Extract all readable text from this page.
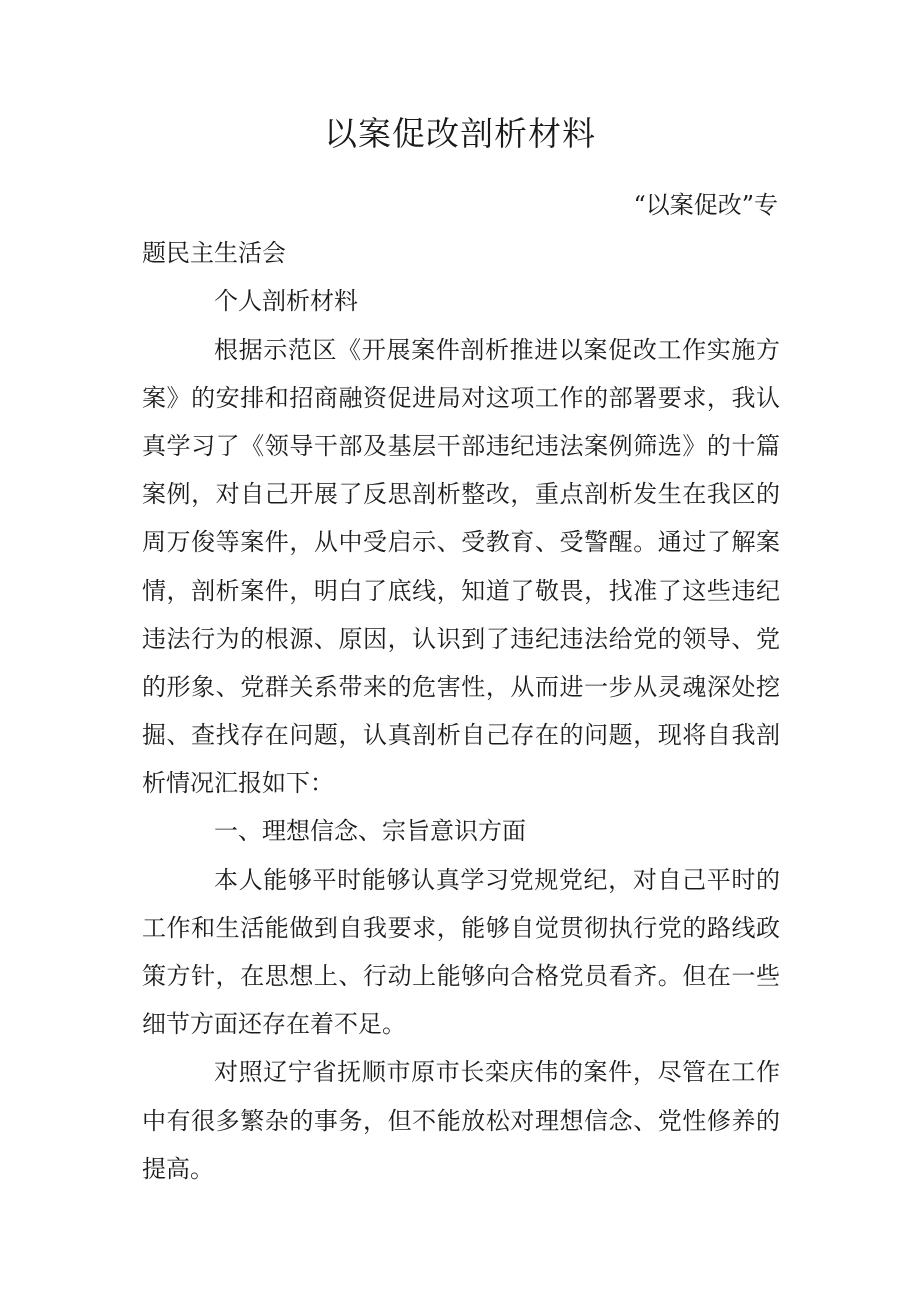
以案促改剖析材料
“以案促改”专
题民主生活会
个人剖析材料
根据示范区《开展案件剖析推进以案促改工作实施方
案》的安排和招商融资促进局对这项工作的部署要求，我认
真学习了《领导干部及基层干部违纪违法案例筛选》的十篇
案例，对自己开展了反思剖析整改，重点剖析发生在我区的
周万俊等案件，从中受启示、受教育、受警醒。通过了解案
情，剖析案件，明白了底线，知道了敬畏，找准了这些违纪
违法行为的根源、原因，认识到了违纪违法给党的领导、党
的形象、党群关系带来的危害性，从而进一步从灵魂深处挖
掘、查找存在问题，认真剖析自己存在的问题，现将自我剖
析情况汇报如下：
一、理想信念、宗旨意识方面
本人能够平时能够认真学习党规党纪，对自己平时的
工作和生活能做到自我要求，能够自觉贯彻执行党的路线政
策方针，在思想上、行动上能够向合格党员看齐。但在一些
细节方面还存在着不足。
对照辽宁省抚顺市原市长栾庆伟的案件，尽管在工作
中有很多繁杂的事务，但不能放松对理想信念、党性修养的
提高。
